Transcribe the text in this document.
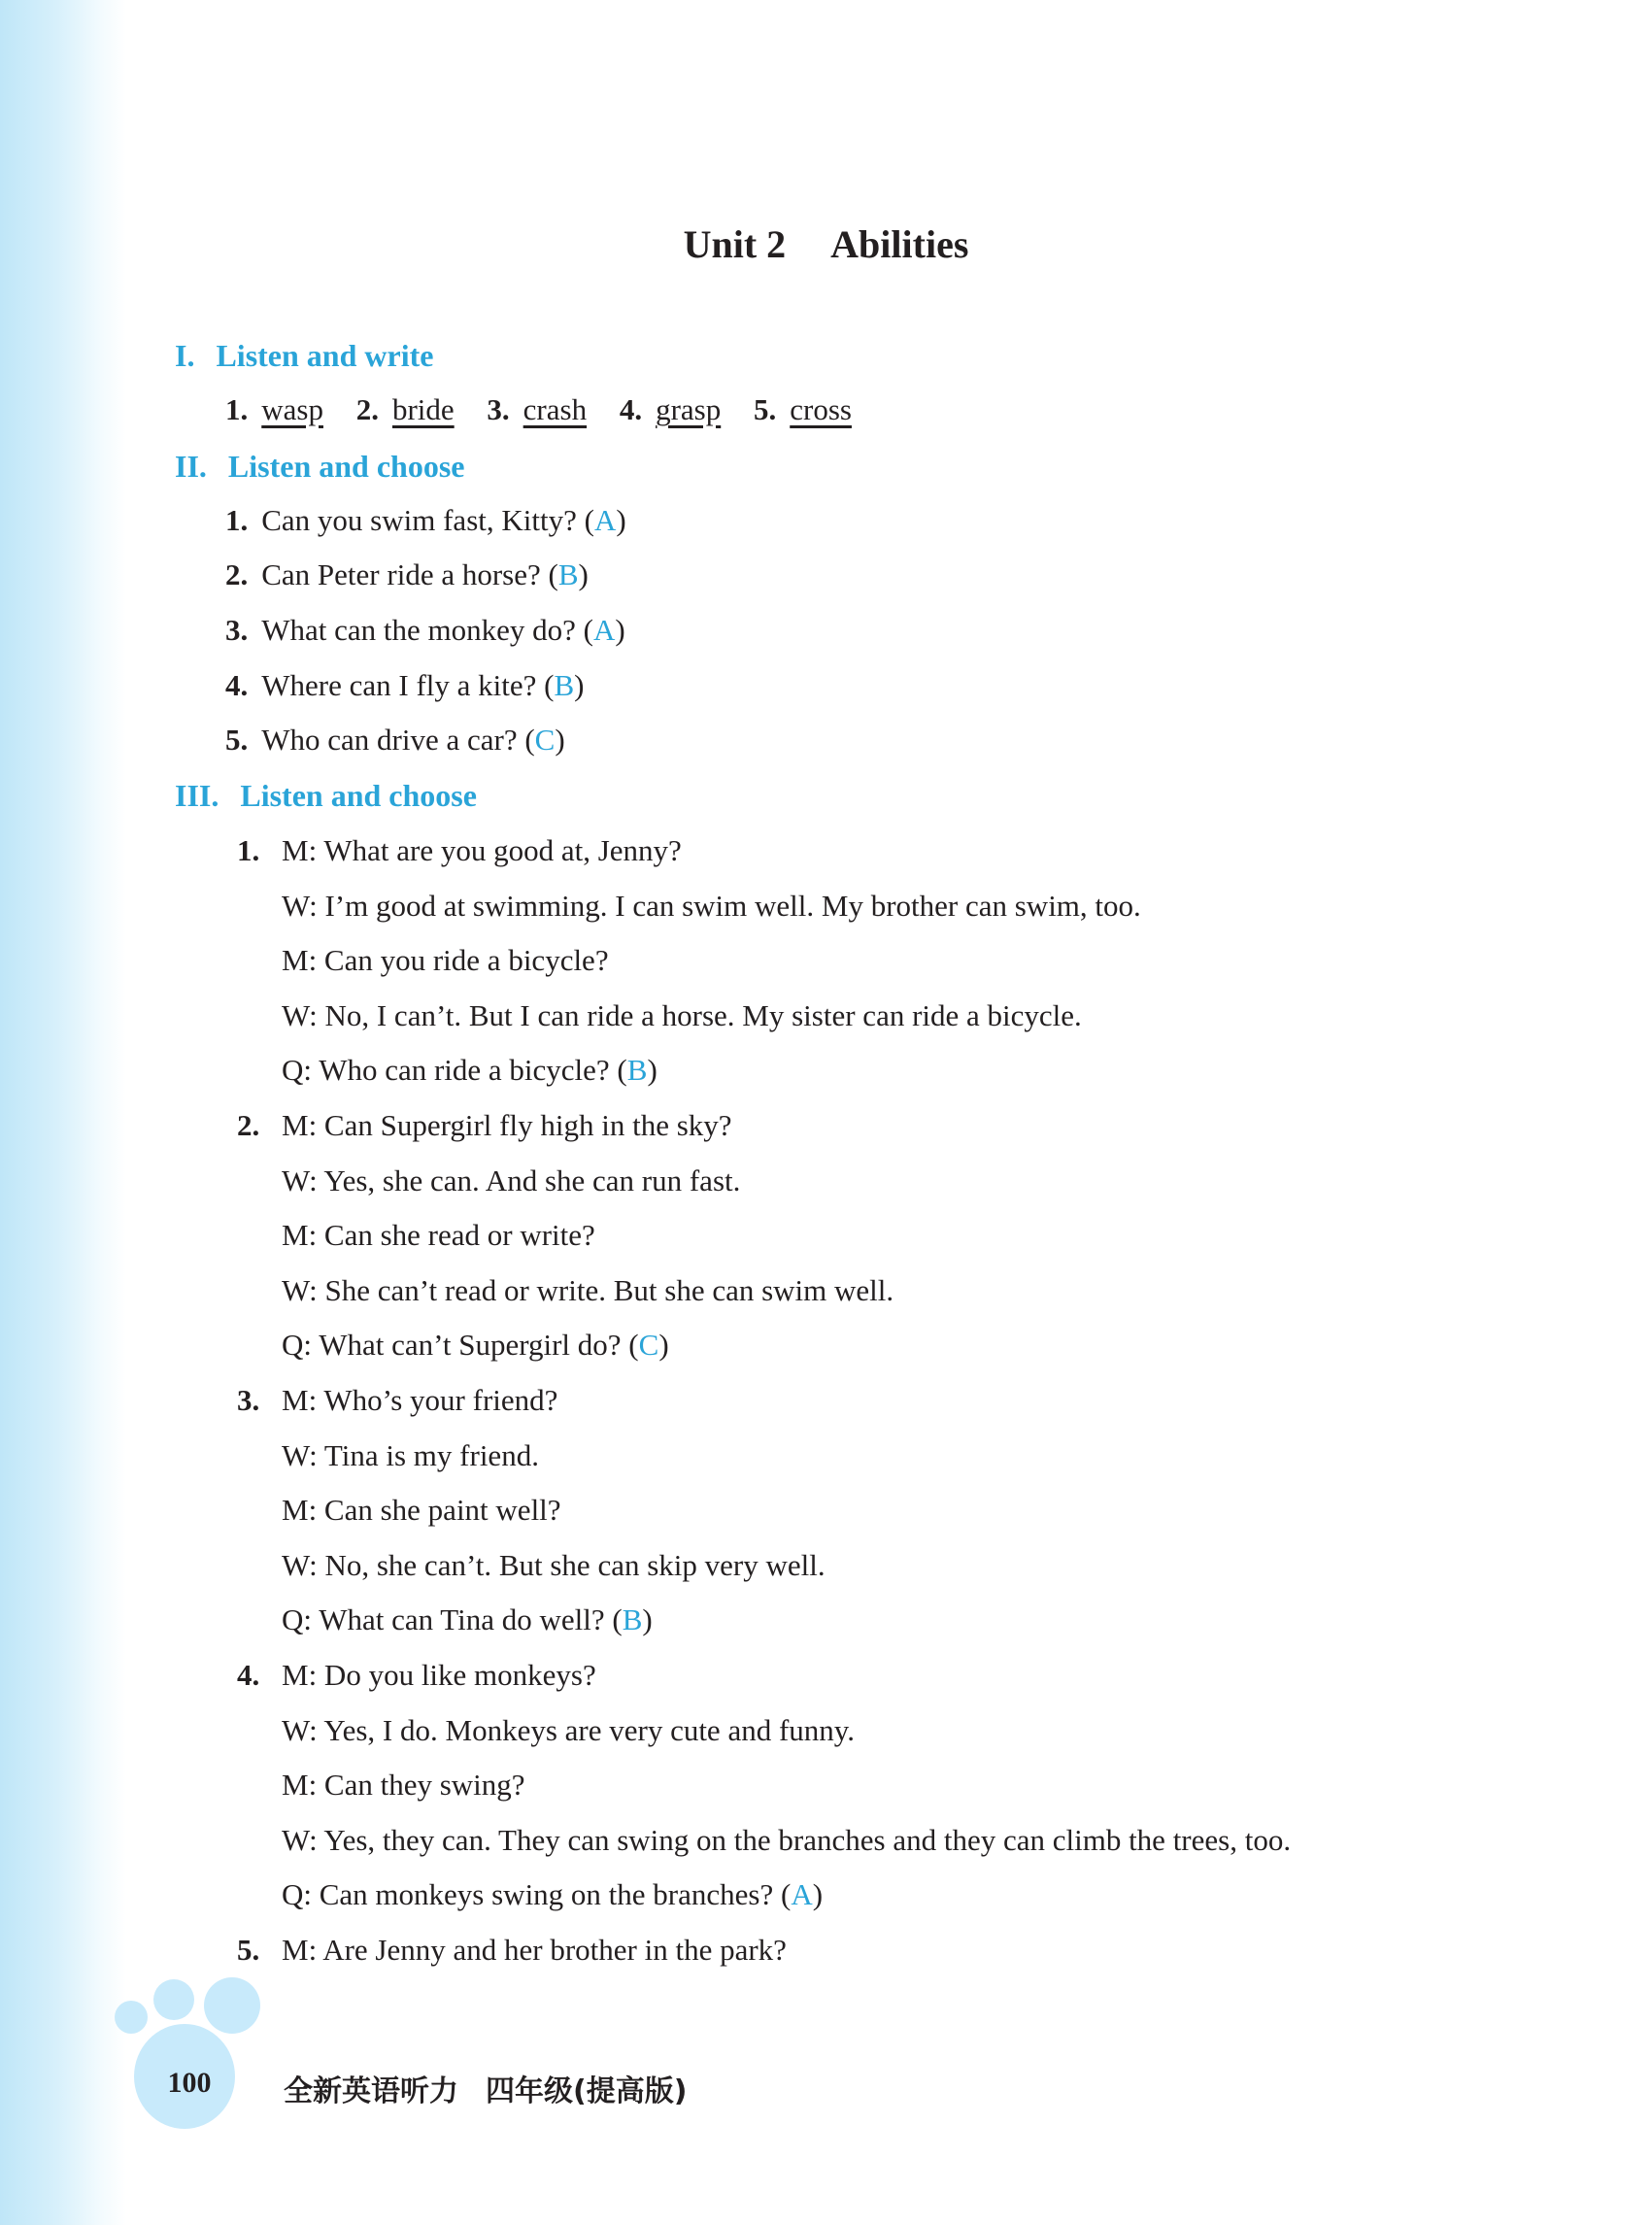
Unit 2 Abilities
I. Listen and write
1. wasp 2. bride 3. crash 4. grasp 5. cross
II. Listen and choose
1. Can you swim fast, Kitty? (A)
2. Can Peter ride a horse? (B)
3. What can the monkey do? (A)
4. Where can I fly a kite? (B)
5. Who can drive a car? (C)
III. Listen and choose
1. M: What are you good at, Jenny?
W: I’m good at swimming. I can swim well. My brother can swim, too.
M: Can you ride a bicycle?
W: No, I can’t. But I can ride a horse. My sister can ride a bicycle.
Q: Who can ride a bicycle? (B)
2. M: Can Supergirl fly high in the sky?
W: Yes, she can. And she can run fast.
M: Can she read or write?
W: She can’t read or write. But she can swim well.
Q: What can’t Supergirl do? (C)
3. M: Who’s your friend?
W: Tina is my friend.
M: Can she paint well?
W: No, she can’t. But she can skip very well.
Q: What can Tina do well? (B)
4. M: Do you like monkeys?
W: Yes, I do. Monkeys are very cute and funny.
M: Can they swing?
W: Yes, they can. They can swing on the branches and they can climb the trees, too.
Q: Can monkeys swing on the branches? (A)
5. M: Are Jenny and her brother in the park?
100	全新英语听力 四年级(提高版)
